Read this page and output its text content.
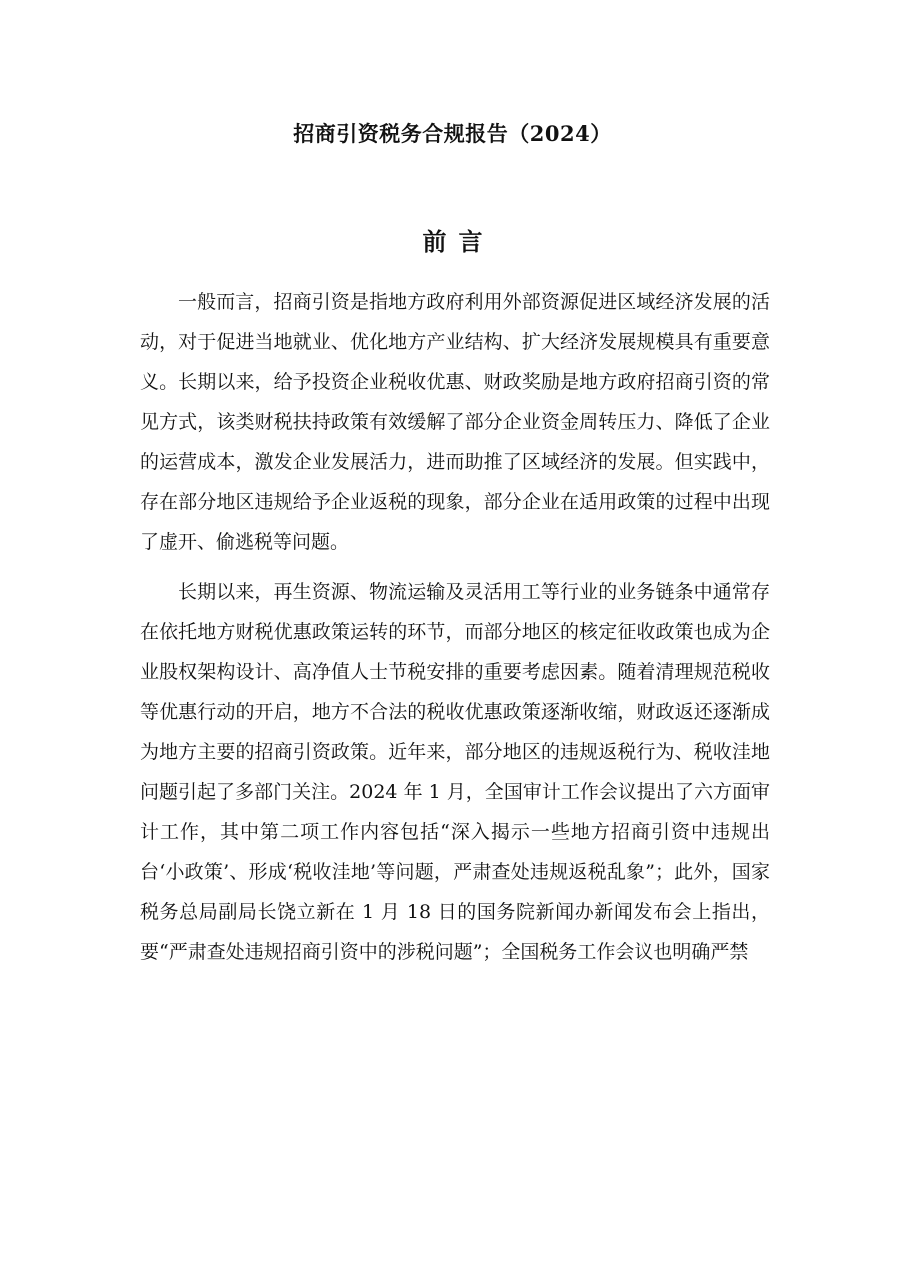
招商引资税务合规报告（2024）
前言

一般而言，招商引资是指地方政府利用外部资源促进区域经济发展的活动，对于促进当地就业、优化地方产业结构、扩大经济发展规模具有重要意义。长期以来，给予投资企业税收优惠、财政奖励是地方政府招商引资的常见方式，该类财税扶持政策有效缓解了部分企业资金周转压力、降低了企业的运营成本，激发企业发展活力，进而助推了区域经济的发展。但实践中，存在部分地区违规给予企业返税的现象，部分企业在适用政策的过程中出现了虚开、偷逃税等问题。

长期以来，再生资源、物流运输及灵活用工等行业的业务链条中通常存在依托地方财税优惠政策运转的环节，而部分地区的核定征收政策也成为企业股权架构设计、高净值人士节税安排的重要考虑因素。随着清理规范税收等优惠行动的开启，地方不合法的税收优惠政策逐渐收缩，财政返还逐渐成为地方主要的招商引资政策。近年来，部分地区的违规返税行为、税收洼地问题引起了多部门关注。2024 年 1 月，全国审计工作会议提出了六方面审计工作，其中第二项工作内容包括“深入揭示一些地方招商引资中违规出台‘小政策’、形成‘税收洼地’等问题，严肃查处违规返税乱象”；此外，国家税务总局副局长饶立新在 1 月 18 日的国务院新闻办新闻发布会上指出，要“严肃查处违规招商引资中的涉税问题”；全国税务工作会议也明确严禁
